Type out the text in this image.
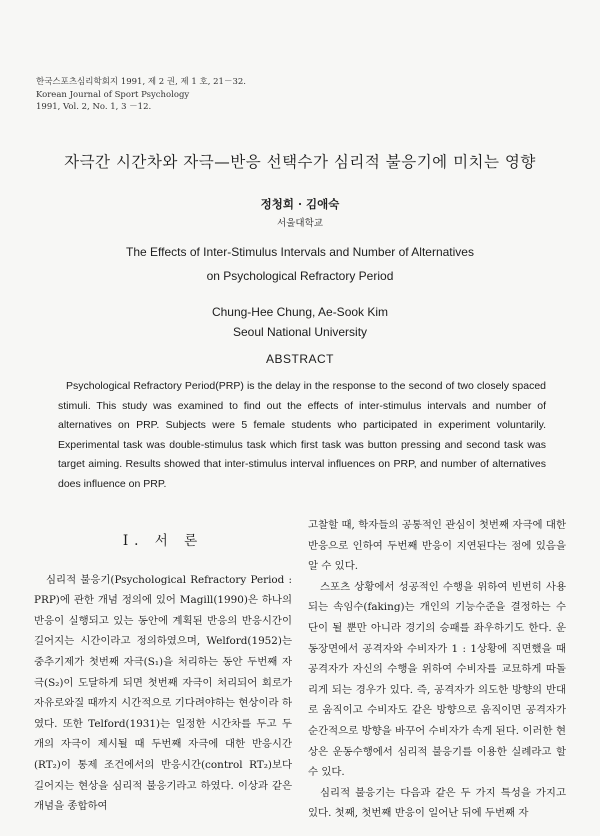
한국스포츠심리학회지 1991, 제 2 권, 제 1 호, 21－32.
Korean Journal of Sport Psychology
1991, Vol. 2, No. 1, 3 －12.
자극간 시간차와 자극—반응 선택수가 심리적 불응기에 미치는 영향
정청희 · 김애숙
서울대학교
The Effects of Inter-Stimulus Intervals and Number of Alternatives
on Psychological Refractory Period
Chung-Hee Chung, Ae-Sook Kim
Seoul National University
ABSTRACT

Psychological Refractory Period(PRP) is the delay in the response to the second of two closely spaced stimuli. This study was examined to find out the effects of inter-stimulus intervals and number of alternatives on PRP. Subjects were 5 female students who participated in experiment voluntarily. Experimental task was double-stimulus task which first task was button pressing and second task was target aiming. Results showed that inter-stimulus interval influences on PRP, and number of alternatives does influence on PRP.

I. 서 론

심리적 불응기(Psychological Refractory Period : PRP)에 관한 개념 정의에 있어 Magill(1990)은 하나의 반응이 실행되고 있는 동안에 계획된 반응의 반응시간이 길어지는 시간이라고 정의하였으며, Welford(1952)는 중추기제가 첫번째 자극(S₁)을 처리하는 동안 두번째 자극(S₂)이 도달하게 되면 첫번째 자극이 처리되어 회로가 자유로와질 때까지 시간적으로 기다려야하는 현상이라 하였다. 또한 Telford(1931)는 일정한 시간차를 두고 두 개의 자극이 제시될 때 두번째 자극에 대한 반응시간(RT₂)이 통제 조건에서의 반응시간(control RT₂)보다 길어지는 현상을 심리적 불응기라고 하였다. 이상과 같은 개념을 종합하여

고찰할 때, 학자들의 공통적인 관심이 첫번째 자극에 대한 반응으로 인하여 두번째 반응이 지연된다는 점에 있음을 알 수 있다.

스포츠 상황에서 성공적인 수행을 위하여 빈번히 사용되는 속임수(faking)는 개인의 기능수준을 결정하는 수단이 될 뿐만 아니라 경기의 승패를 좌우하기도 한다. 운동장면에서 공격자와 수비자가 1 : 1상황에 직면했을 때 공격자가 자신의 수행을 위하여 수비자를 교묘하게 따돌리게 되는 경우가 있다. 즉, 공격자가 의도한 방향의 반대로 움직이고 수비자도 같은 방향으로 움직이면 공격자가 순간적으로 방향을 바꾸어 수비자가 속게 된다. 이러한 현상은 운동수행에서 심리적 불응기를 이용한 실례라고 할 수 있다.

심리적 불응기는 다음과 같은 두 가지 특성을 가지고 있다. 첫째, 첫번째 반응이 일어난 뒤에 두번째 자
